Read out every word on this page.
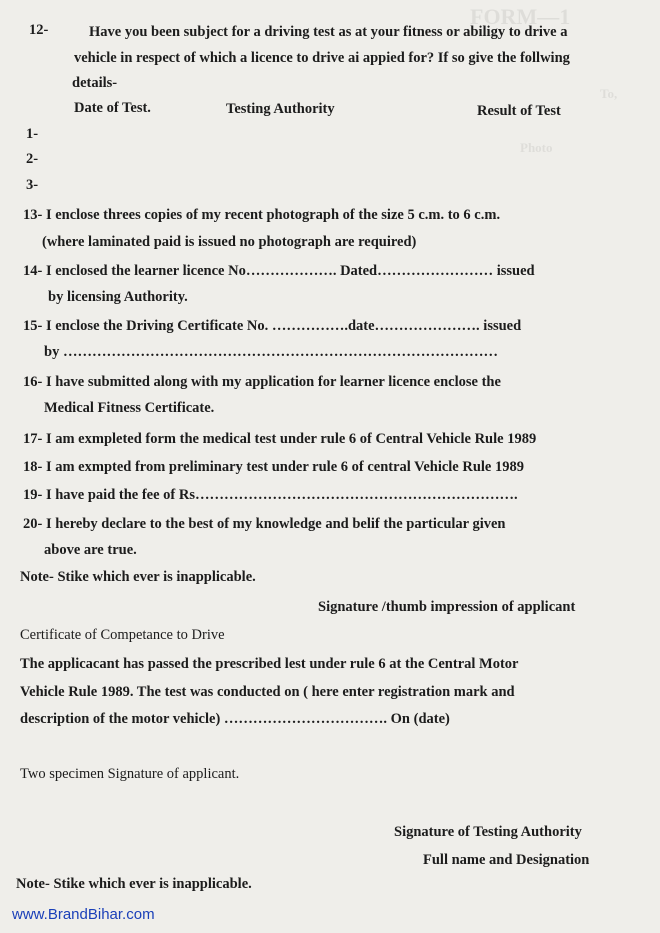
FORM—1
To,
Photo
12-	Have you been subject for a driving test as at your fitness or abiligy to drive a
vehicle in respect of which a licence to drive ai appied for? If so give the follwing
details-
Date of Test.	Testing Authority	Result of Test
1-
2-
3-
13- I enclose threes copies of my recent photograph of the size 5 c.m. to 6 c.m.
(where laminated paid is issued no photograph are required)
14- I enclosed the learner licence No………………. Dated…………………… issued
by licensing Authority.
15- I enclose the Driving Certificate No. …………….date…………………. issued
by ………………………………………………………………………………
16- I have submitted along with my application for learner licence enclose the
Medical Fitness Certificate.
17- I am exmpleted form the medical test under rule 6 of Central Vehicle Rule 1989
18- I am exmpted from preliminary test under rule 6 of central Vehicle Rule 1989
19- I have paid the fee of Rs………………………………………………………….
20- I hereby declare to the best of my knowledge and belif the particular given
above are true.
Note- Stike which ever is inapplicable.
Signature /thumb impression of applicant
Certificate of Competance to Drive
The applicacant has passed the prescribed lest under rule 6 at the Central Motor
Vehicle Rule 1989. The test was conducted on ( here enter registration mark and
description of the motor vehicle) ……………………………. On (date)
Two specimen Signature of applicant.
Signature of Testing Authority
Full name and Designation
Note- Stike which ever is inapplicable.
www.BrandBihar.com
